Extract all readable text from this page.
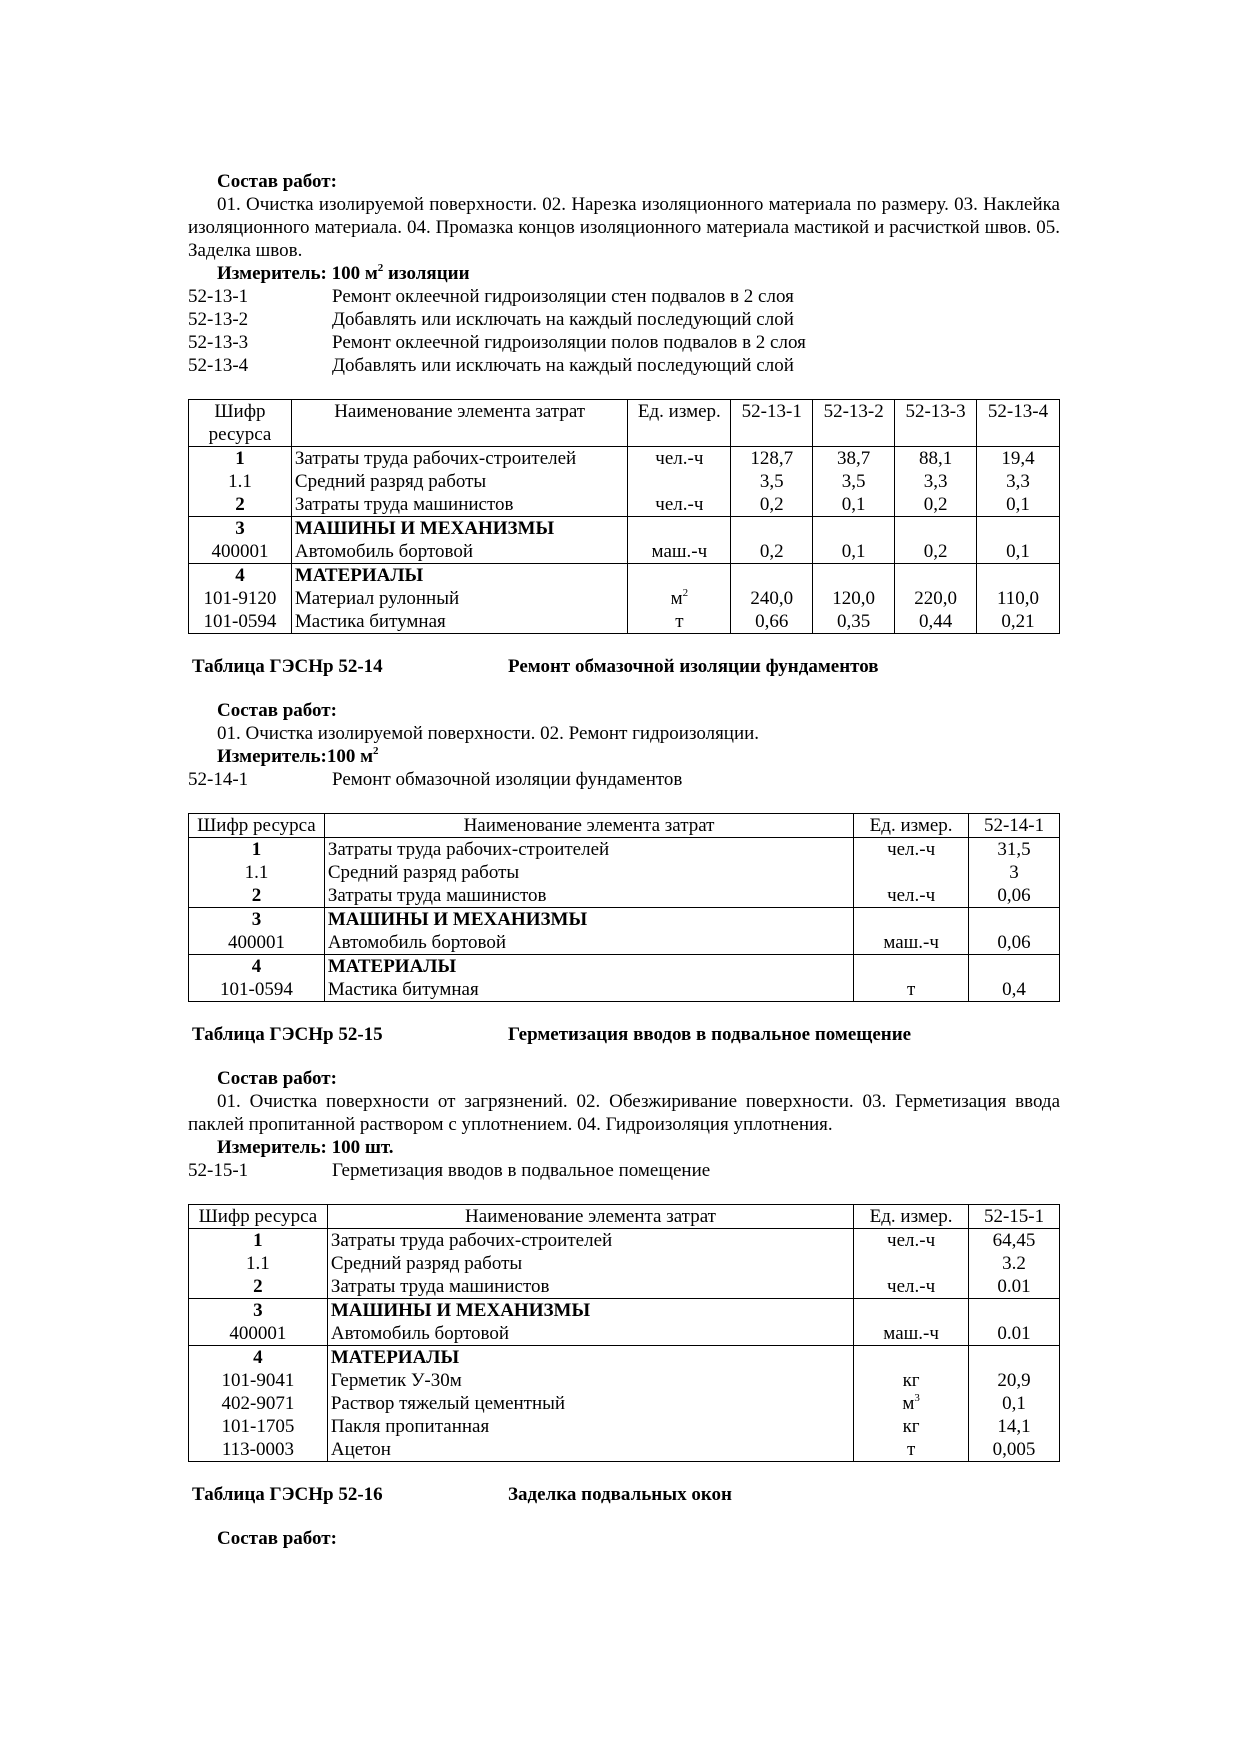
Состав работ:

01. Очистка изолируемой поверхности. 02. Нарезка изоляционного материала по размеру. 03. Наклейка изоляционного материала. 04. Промазка концов изоляционного материала мастикой и расчисткой швов. 05. Заделка швов.

Измеритель: 100 $м^2$ изоляции

52-13-1	Ремонт оклеечной гидроизоляции стен подвалов в 2 слоя
52-13-2	Добавлять или исключать на каждый последующий слой
52-13-3	Ремонт оклеечной гидроизоляции полов подвалов в 2 слоя
52-13-4	Добавлять или исключать на каждый последующий слой
Шифр ресурса	Наименование элемента затрат	Ед. измер.	52-13-1	52-13-2	52-13-3	52-13-4
1	Затраты труда рабочих-строителей	чел.-ч	128,7	38,7	88,1	19,4
1.1	Средний разряд работы		3,5	3,5	3,3	3,3
2	Затраты труда машинистов	чел.-ч	0,2	0,1	0,2	0,1
3	МАШИНЫ И МЕХАНИЗМЫ					
400001	Автомобиль бортовой	маш.-ч	0,2	0,1	0,2	0,1
4	МАТЕРИАЛЫ					
101-9120	Материал рулонный	$м^2$	240,0	120,0	220,0	110,0
101-0594	Мастика битумная	т	0,66	0,35	0,44	0,21
Таблица ГЭСНр 52-14	Ремонт обмазочной изоляции фундаментов

Состав работ:

01. Очистка изолируемой поверхности. 02. Ремонт гидроизоляции.

Измеритель:100 $м^2$

52-14-1	Ремонт обмазочной изоляции фундаментов
Шифр ресурса	Наименование элемента затрат	Ед. измер.	52-14-1
1	Затраты труда рабочих-строителей	чел.-ч	31,5
1.1	Средний разряд работы		3
2	Затраты труда машинистов	чел.-ч	0,06
3	МАШИНЫ И МЕХАНИЗМЫ		
400001	Автомобиль бортовой	маш.-ч	0,06
4	МАТЕРИАЛЫ		
101-0594	Мастика битумная	т	0,4
Таблица ГЭСНр 52-15	Герметизация вводов в подвальное помещение

Состав работ:

01. Очистка поверхности от загрязнений. 02. Обезжиривание поверхности. 03. Герметизация ввода паклей пропитанной раствором с уплотнением. 04. Гидроизоляция уплотнения.

Измеритель: 100 шт.

52-15-1	Герметизация вводов в подвальное помещение
Шифр ресурса	Наименование элемента затрат	Ед. измер.	52-15-1
1	Затраты труда рабочих-строителей	чел.-ч	64,45
1.1	Средний разряд работы		3.2
2	Затраты труда машинистов	чел.-ч	0.01
3	МАШИНЫ И МЕХАНИЗМЫ		
400001	Автомобиль бортовой	маш.-ч	0.01
4	МАТЕРИАЛЫ		
101-9041	Герметик У-30м	кг	20,9
402-9071	Раствор тяжелый цементный	$м^3$	0,1
101-1705	Пакля пропитанная	кг	14,1
113-0003	Ацетон	т	0,005
Таблица ГЭСНр 52-16	Заделка подвальных окон

Состав работ:
